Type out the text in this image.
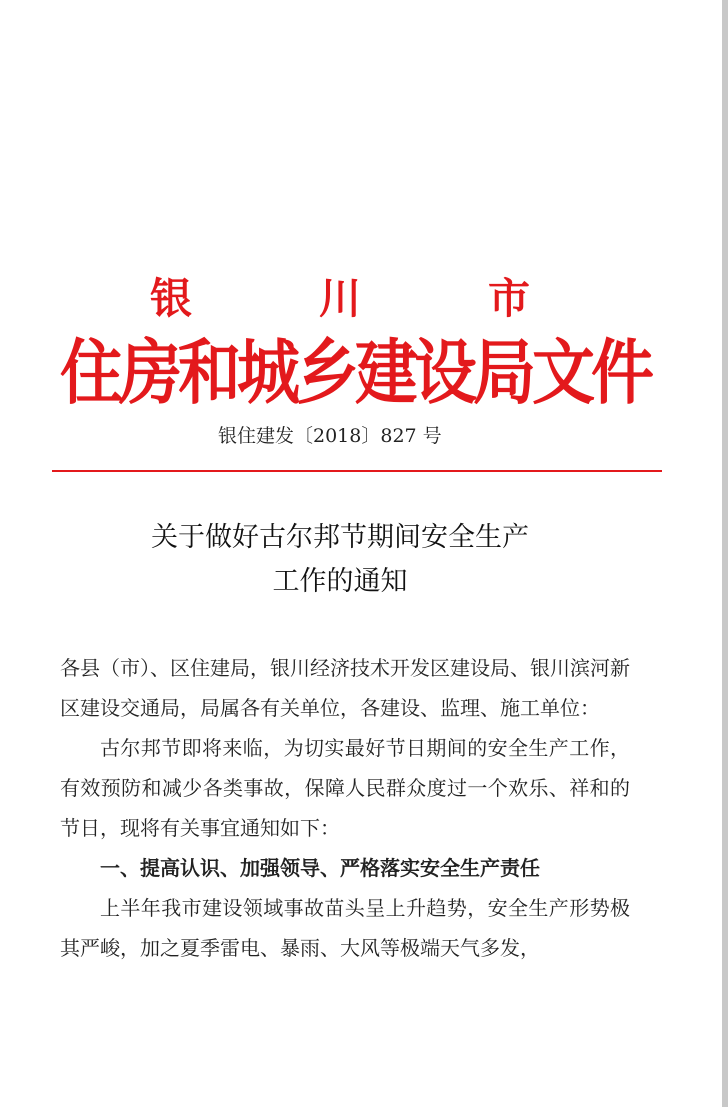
银	川	市
住房和城乡建设局文件
银住建发〔2018〕827 号
关于做好古尔邦节期间安全生产
工作的通知

各县（市）、区住建局，银川经济技术开发区建设局、银川滨河新区建设交通局，局属各有关单位，各建设、监理、施工单位：

古尔邦节即将来临，为切实最好节日期间的安全生产工作，有效预防和减少各类事故，保障人民群众度过一个欢乐、祥和的节日，现将有关事宜通知如下：

一、提高认识、加强领导、严格落实安全生产责任

上半年我市建设领域事故苗头呈上升趋势，安全生产形势极其严峻，加之夏季雷电、暴雨、大风等极端天气多发，
